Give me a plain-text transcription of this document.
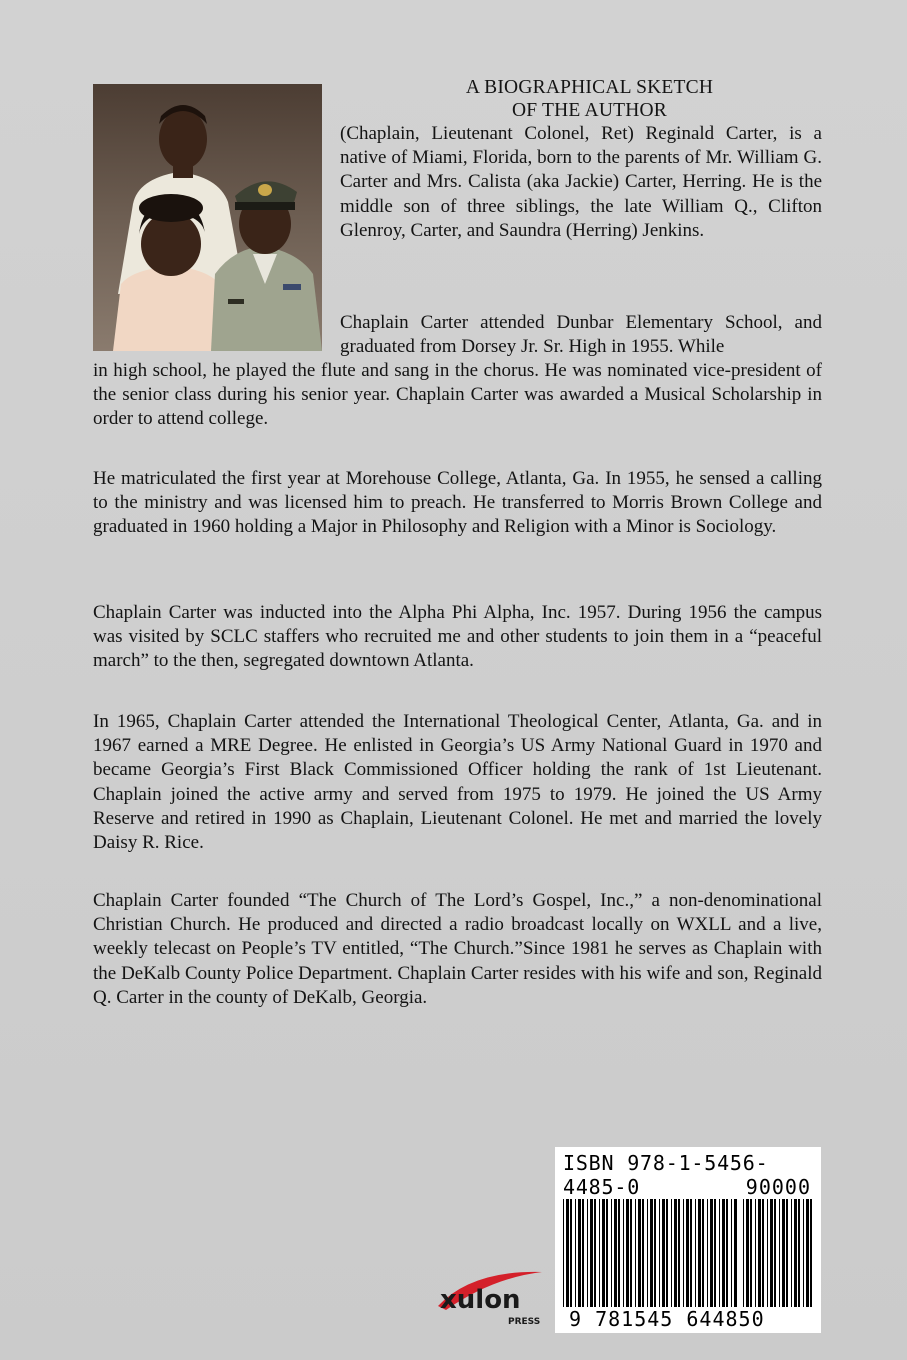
A BIOGRAPHICAL SKETCH
OF THE AUTHOR

(Chaplain, Lieutenant Colonel, Ret) Reginald Carter, is a native of Miami, Florida, born to the parents of Mr. William G. Carter and Mrs. Calista (aka Jackie) Carter, Herring. He is the middle son of three siblings, the late William Q., Clifton Glenroy, Carter, and Saundra (Herring) Jenkins.

Chaplain Carter attended Dunbar Elementary School, and graduated from Dorsey Jr. Sr. High in 1955. While

in high school, he played the flute and sang in the chorus. He was nominated vice-president of the senior class during his senior year. Chaplain Carter was awarded a Musical Scholarship in order to attend college.

He matriculated the first year at Morehouse College, Atlanta, Ga. In 1955, he sensed a calling to the ministry and was licensed him to preach. He transferred to Morris Brown College and graduated in 1960 holding a Major in Philosophy and Religion with a Minor is Sociology.

Chaplain Carter was inducted into the Alpha Phi Alpha, Inc. 1957. During 1956 the campus was visited by SCLC staffers who recruited me and other students to join them in a “peaceful march” to the then, segregated downtown Atlanta.

In 1965, Chaplain Carter attended the International Theological Center, Atlanta, Ga. and in 1967 earned a MRE Degree. He enlisted in Georgia’s US Army National Guard in 1970 and became Georgia’s First Black Commissioned Officer holding the rank of 1st Lieutenant. Chaplain joined the active army and served from 1975 to 1979. He joined the US Army Reserve and retired in 1990 as Chaplain, Lieutenant Colonel. He met and married the lovely Daisy R. Rice.

Chaplain Carter founded “The Church of The Lord’s Gospel, Inc.,” a non-denominational Christian Church. He produced and directed a radio broadcast locally on WXLL and a live, weekly telecast on People’s TV entitled, “The Church.”Since 1981 he serves as Chaplain with the DeKalb County Police Department. Chaplain Carter resides with his wife and son, Reginald Q. Carter in the county of DeKalb, Georgia.

xulon
PRESS
ISBN 978-1-5456-4485-0	90000
9 781545 644850
